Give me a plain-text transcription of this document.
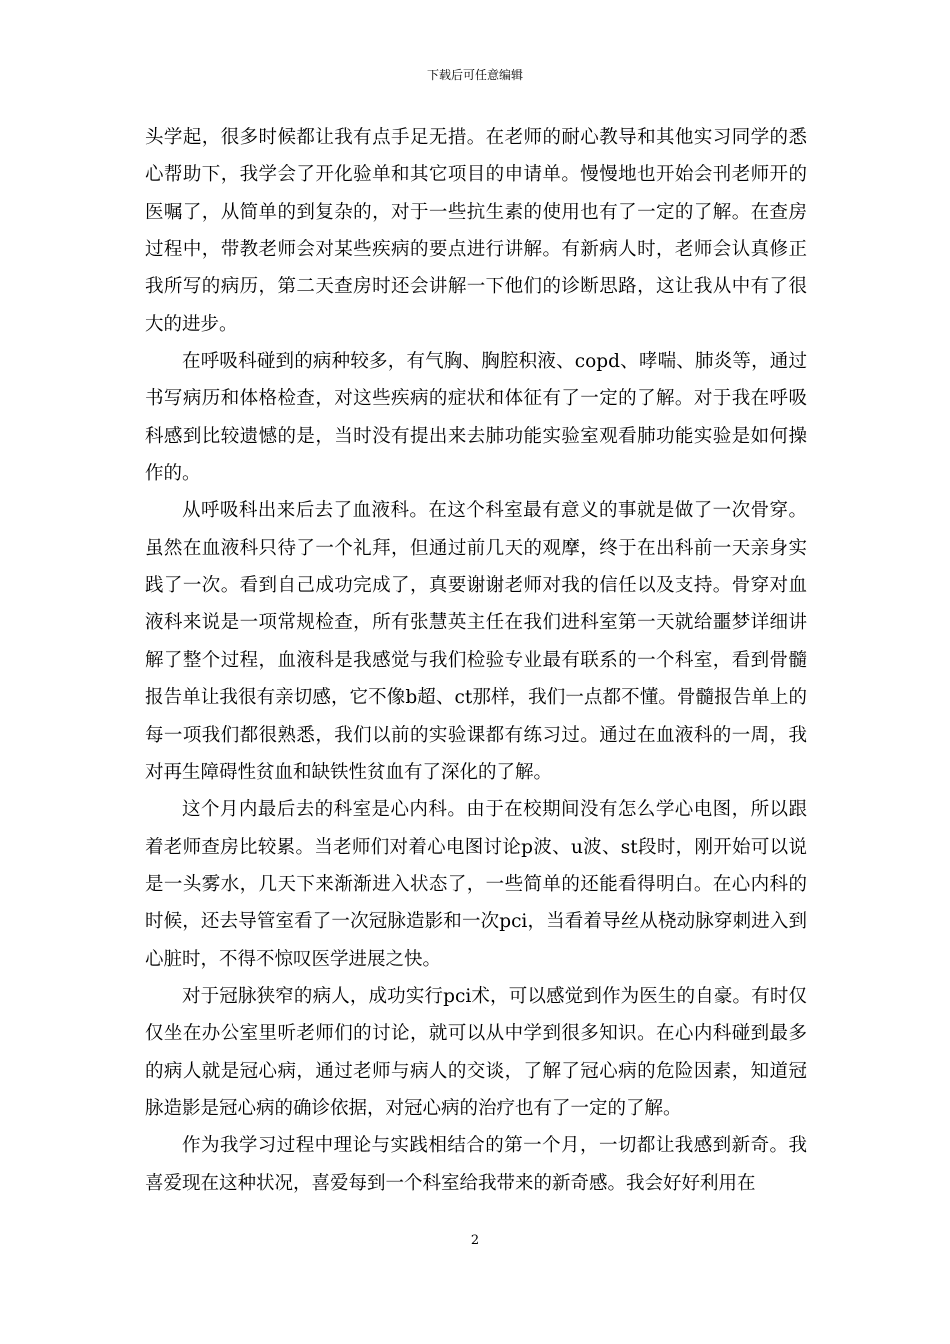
下载后可任意编辑

头学起，很多时候都让我有点手足无措。在老师的耐心教导和其他实习同学的悉心帮助下，我学会了开化验单和其它项目的申请单。慢慢地也开始会刊老师开的医嘱了，从简单的到复杂的，对于一些抗生素的使用也有了一定的了解。在查房过程中，带教老师会对某些疾病的要点进行讲解。有新病人时，老师会认真修正我所写的病历，第二天查房时还会讲解一下他们的诊断思路，这让我从中有了很大的进步。

在呼吸科碰到的病种较多，有气胸、胸腔积液、copd、哮喘、肺炎等，通过书写病历和体格检查，对这些疾病的症状和体征有了一定的了解。对于我在呼吸科感到比较遗憾的是，当时没有提出来去肺功能实验室观看肺功能实验是如何操作的。

从呼吸科出来后去了血液科。在这个科室最有意义的事就是做了一次骨穿。虽然在血液科只待了一个礼拜，但通过前几天的观摩，终于在出科前一天亲身实践了一次。看到自己成功完成了，真要谢谢老师对我的信任以及支持。骨穿对血液科来说是一项常规检查，所有张慧英主任在我们进科室第一天就给噩梦详细讲解了整个过程，血液科是我感觉与我们检验专业最有联系的一个科室，看到骨髓报告单让我很有亲切感，它不像b超、ct那样，我们一点都不懂。骨髓报告单上的每一项我们都很熟悉，我们以前的实验课都有练习过。通过在血液科的一周，我对再生障碍性贫血和缺铁性贫血有了深化的了解。

这个月内最后去的科室是心内科。由于在校期间没有怎么学心电图，所以跟着老师查房比较累。当老师们对着心电图讨论p波、u波、st段时，刚开始可以说是一头雾水，几天下来渐渐进入状态了，一些简单的还能看得明白。在心内科的时候，还去导管室看了一次冠脉造影和一次pci，当看着导丝从桡动脉穿刺进入到心脏时，不得不惊叹医学进展之快。

对于冠脉狭窄的病人，成功实行pci术，可以感觉到作为医生的自豪。有时仅仅坐在办公室里听老师们的讨论，就可以从中学到很多知识。在心内科碰到最多的病人就是冠心病，通过老师与病人的交谈，了解了冠心病的危险因素，知道冠脉造影是冠心病的确诊依据，对冠心病的治疗也有了一定的了解。

作为我学习过程中理论与实践相结合的第一个月，一切都让我感到新奇。我喜爱现在这种状况，喜爱每到一个科室给我带来的新奇感。我会好好利用在

2
